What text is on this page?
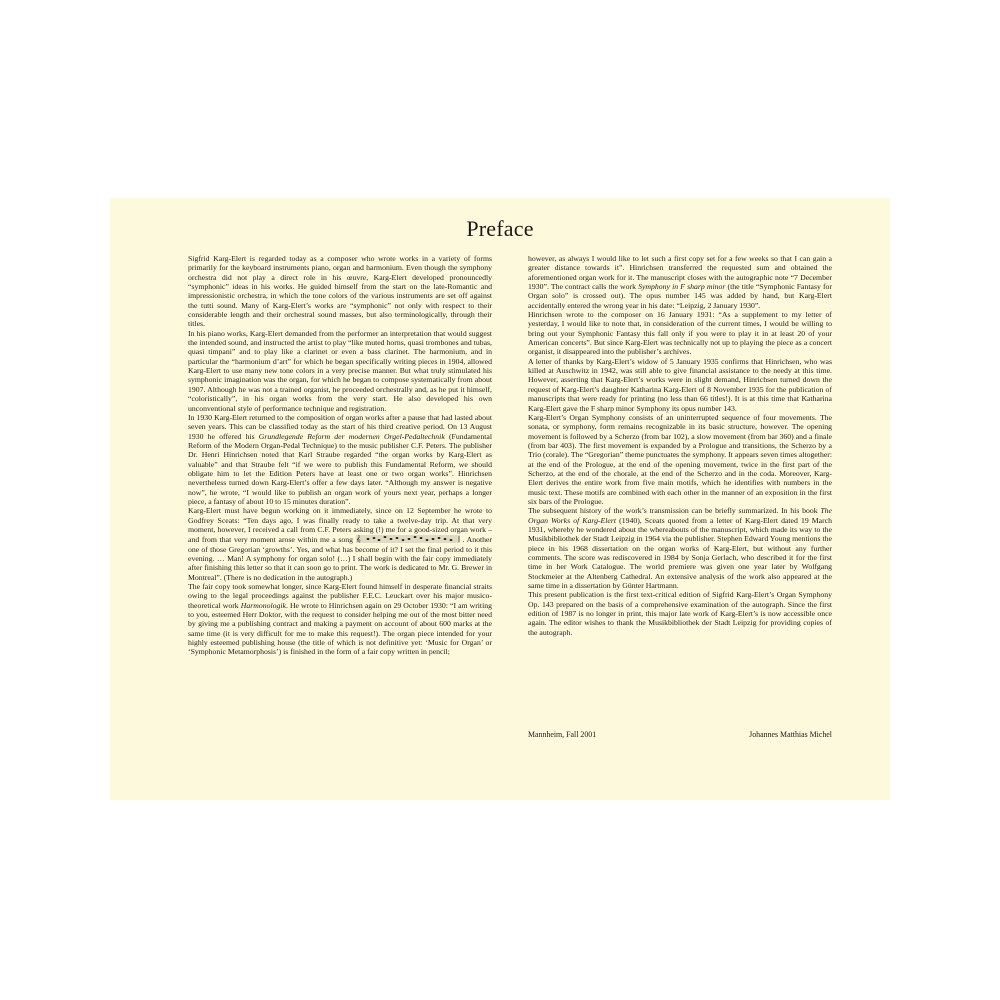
Preface

Sigfrid Karg-Elert is regarded today as a composer who wrote works in a variety of forms primarily for the keyboard instruments piano, organ and harmonium. Even though the symphony orchestra did not play a direct role in his œuvre, Karg-Elert developed pronouncedly “symphonic” ideas in his works. He guided himself from the start on the late-Romantic and impressionistic orchestra, in which the tone colors of the various instruments are set off against the tutti sound. Many of Karg-Elert’s works are “symphonic” not only with respect to their considerable length and their orchestral sound masses, but also terminologically, through their titles.

In his piano works, Karg-Elert demanded from the performer an interpretation that would suggest the intended sound, and instructed the artist to play “like muted horns, quasi trombones and tubas, quasi timpani” and to play like a clarinet or even a bass clarinet. The harmonium, and in particular the “harmonium d’art” for which he began specifically writing pieces in 1904, allowed Karg-Elert to use many new tone colors in a very precise manner. But what truly stimulated his symphonic imagination was the organ, for which he began to compose systematically from about 1907. Although he was not a trained organist, he proceeded orchestrally and, as he put it himself, “coloristically”, in his organ works from the very start. He also developed his own unconventional style of performance technique and registration.

In 1930 Karg-Elert returned to the composition of organ works after a pause that had lasted about seven years. This can be classified today as the start of his third creative period. On 13 August 1930 he offered his Grundlegende Reform der modernen Orgel-Pedaltechnik (Fundamental Reform of the Modern Organ-Pedal Technique) to the music publisher C.F. Peters. The publisher Dr. Henri Hinrichsen noted that Karl Straube regarded “the organ works by Karg-Elert as valuable” and that Straube felt “if we were to publish this Fundamental Reform, we should obligate him to let the Edition Peters have at least one or two organ works”. Hinrichsen nevertheless turned down Karg-Elert’s offer a few days later. “Although my answer is negative now”, he wrote, “I would like to publish an organ work of yours next year, perhaps a longer piece, a fantasy of about 10 to 15 minutes duration”.

Karg-Elert must have begun working on it immediately, since on 12 September he wrote to Godfrey Sceats: “Ten days ago, I was finally ready to take a twelve-day trip. At that very moment, however, I received a call from C.F. Peters asking (!) me for a good-sized organ work – and from that very moment arose within me a song 𝄞	. Another one of those Gregorian ‘growths’. Yes, and what has become of it? I set the final period to it this evening. … Man! A symphony for organ solo! (…) I shall begin with the fair copy immediately after finishing this letter so that it can soon go to print. The work is dedicated to Mr. G. Brewer in Montreal”. (There is no dedication in the autograph.)

The fair copy took somewhat longer, since Karg-Elert found himself in desperate financial straits owing to the legal proceedings against the publisher F.E.C. Leuckart over his major musico-theoretical work Harmonologik. He wrote to Hinrichsen again on 29 October 1930: “I am writing to you, esteemed Herr Doktor, with the request to consider helping me out of the most bitter need by giving me a publishing contract and making a payment on account of about 600 marks at the same time (it is very difficult for me to make this request!). The organ piece intended for your highly esteemed publishing house (the title of which is not definitive yet: ‘Music for Organ’ or ‘Symphonic Metamorphosis’) is finished in the form of a fair copy written in pencil;

however, as always I would like to let such a first copy set for a few weeks so that I can gain a greater distance towards it”. Hinrichsen transferred the requested sum and obtained the aforementioned organ work for it. The manuscript closes with the autographic note “7 December 1930”. The contract calls the work Symphony in F sharp minor (the title “Symphonic Fantasy for Organ solo” is crossed out). The opus number 145 was added by hand, but Karg-Elert accidentally entered the wrong year in his date: “Leipzig, 2 January 1930”.

Hinrichsen wrote to the composer on 16 January 1931: “As a supplement to my letter of yesterday, I would like to note that, in consideration of the current times, I would be willing to bring out your Symphonic Fantasy this fall only if you were to play it in at least 20 of your American concerts”. But since Karg-Elert was technically not up to playing the piece as a concert organist, it disappeared into the publisher’s archives.

A letter of thanks by Karg-Elert’s widow of 5 January 1935 confirms that Hinrichsen, who was killed at Auschwitz in 1942, was still able to give financial assistance to the needy at this time. However, asserting that Karg-Elert’s works were in slight demand, Hinrichsen turned down the request of Karg-Elert’s daughter Katharina Karg-Elert of 8 November 1935 for the publication of manuscripts that were ready for printing (no less than 66 titles!). It is at this time that Katharina Karg-Elert gave the F sharp minor Symphony its opus number 143.

Karg-Elert’s Organ Symphony consists of an uninterrupted sequence of four movements. The sonata, or symphony, form remains recognizable in its basic structure, however. The opening movement is followed by a Scherzo (from bar 102), a slow movement (from bar 360) and a finale (from bar 403). The first movement is expanded by a Prologue and transitions, the Scherzo by a Trio (corale). The “Gregorian” theme punctuates the symphony. It appears seven times altogether: at the end of the Prologue, at the end of the opening movement, twice in the first part of the Scherzo, at the end of the chorale, at the end of the Scherzo and in the coda. Moreover, Karg-Elert derives the entire work from five main motifs, which he identifies with numbers in the music text. These motifs are combined with each other in the manner of an exposition in the first six bars of the Prologue.

The subsequent history of the work’s transmission can be briefly summarized. In his book The Organ Works of Karg-Elert (1940), Sceats quoted from a letter of Karg-Elert dated 19 March 1931, whereby he wondered about the whereabouts of the manuscript, which made its way to the Musikbibliothek der Stadt Leipzig in 1964 via the publisher. Stephen Edward Young mentions the piece in his 1968 dissertation on the organ works of Karg-Elert, but without any further comments. The score was rediscovered in 1984 by Sonja Gerlach, who described it for the first time in her Work Catalogue. The world premiere was given one year later by Wolfgang Stockmeier at the Altenberg Cathedral. An extensive analysis of the work also appeared at the same time in a dissertation by Günter Hartmann.

This present publication is the first text-critical edition of Sigfrid Karg-Elert’s Organ Symphony Op. 143 prepared on the basis of a comprehensive examination of the autograph. Since the first edition of 1987 is no longer in print, this major late work of Karg-Elert’s is now accessible once again. The editor wishes to thank the Musikbibliothek der Stadt Leipzig for providing copies of the autograph.

Mannheim, Fall 2001	Johannes Matthias Michel
